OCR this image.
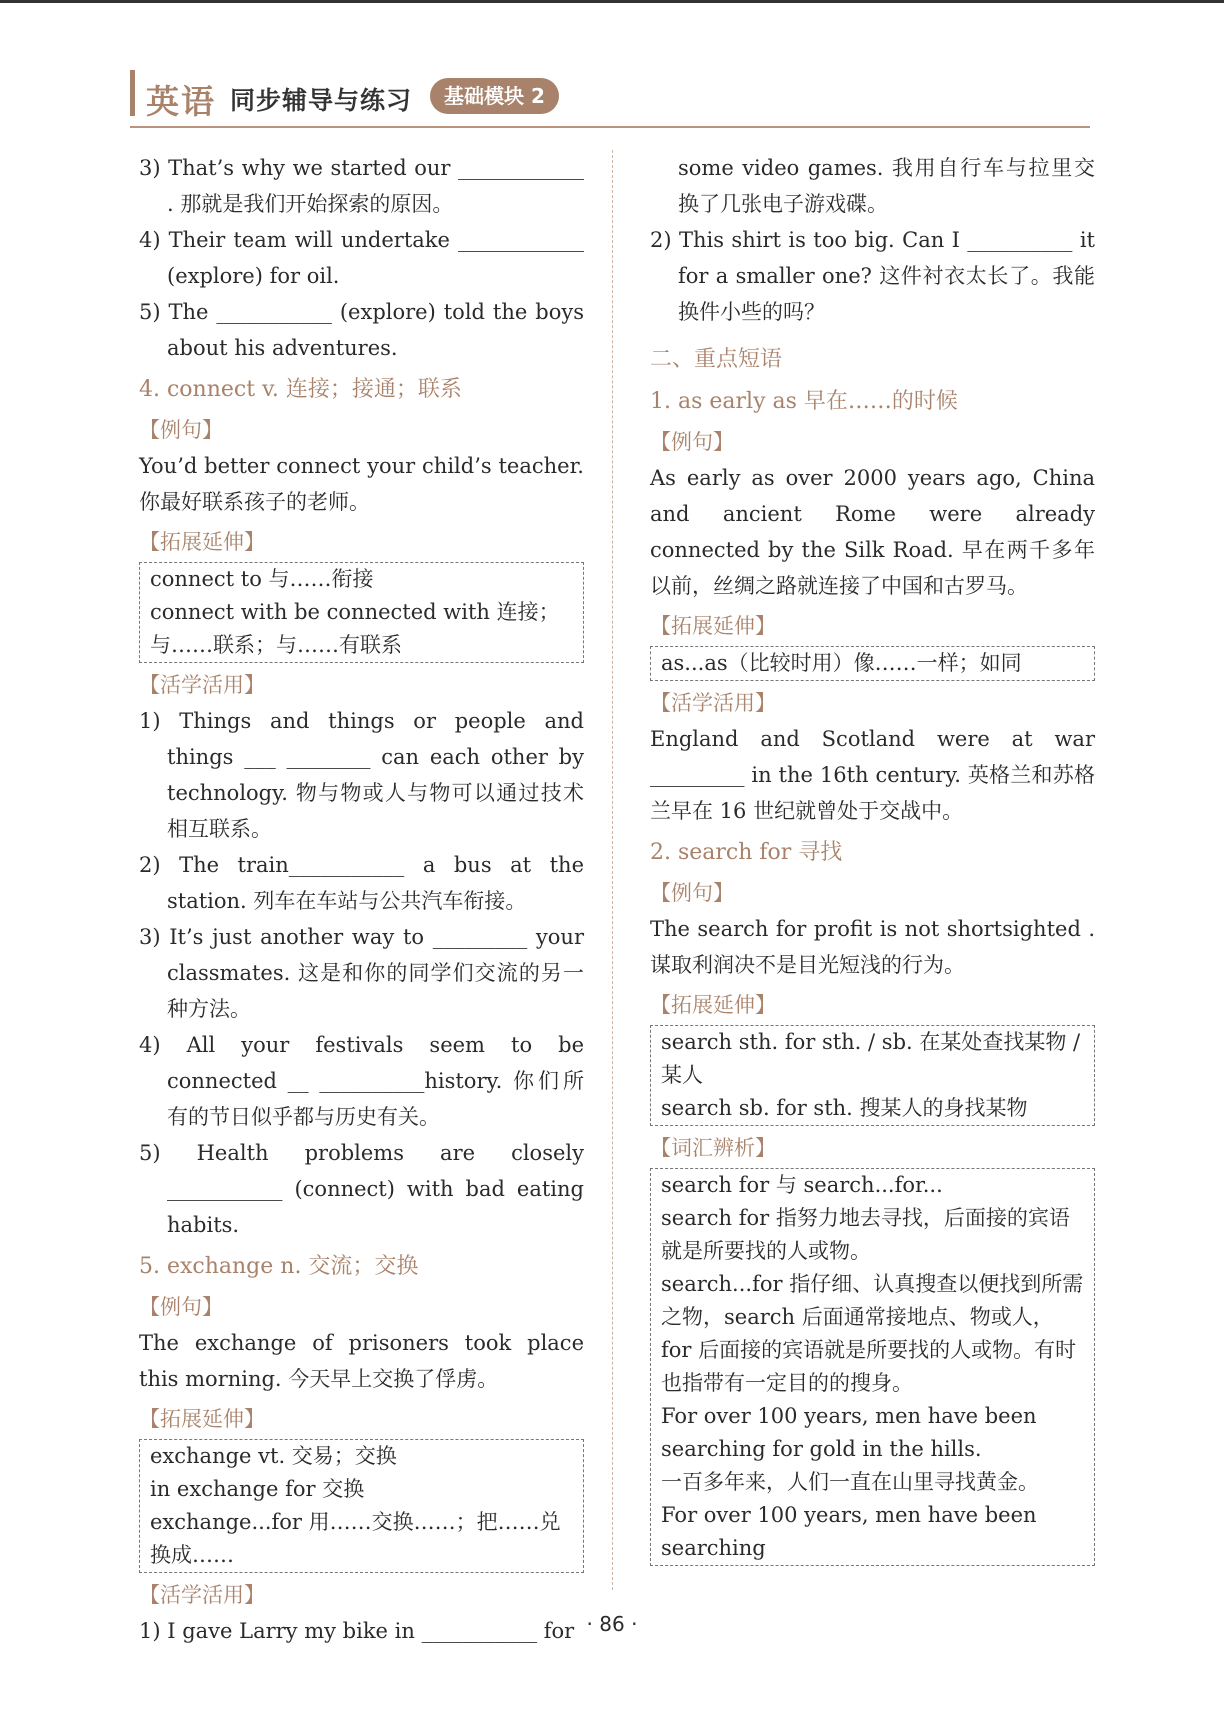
英语 同步辅导与练习	基础模块 2

3) That’s why we started our ____________ . 那就是我们开始探索的原因。

4) Their team will undertake ____________ (explore) for oil.

5) The ___________ (explore) told the boys about his adventures.

4. connect v. 连接；接通；联系

【例句】

You’d better connect your child’s teacher. 你最好联系孩子的老师。

【拓展延伸】

connect to 与……衔接
connect with be connected with 连接；与……联系；与……有联系

【活学活用】

1) Things and things or people and things ___ ________ can each other by technology. 物与物或人与物可以通过技术相互联系。

2) The train___________ a bus at the station. 列车在车站与公共汽车衔接。

3) It’s just another way to _________ your classmates. 这是和你的同学们交流的另一种方法。

4) All your festivals seem to be connected __ __________history. 你们所有的节日似乎都与历史有关。

5) Health problems are closely ___________ (connect) with bad eating habits.

5. exchange n. 交流；交换

【例句】

The exchange of prisoners took place this morning. 今天早上交换了俘虏。

【拓展延伸】

exchange vt. 交易；交换
in exchange for 交换
exchange...for 用……交换……；把……兑换成……

【活学活用】

1) I gave Larry my bike in ___________ for

some video games. 我用自行车与拉里交换了几张电子游戏碟。

2) This shirt is too big. Can I __________ it for a smaller one? 这件衬衣太长了。我能换件小些的吗？

二、重点短语

1. as early as 早在……的时候

【例句】

As early as over 2000 years ago, China and ancient Rome were already connected by the Silk Road. 早在两千多年以前，丝绸之路就连接了中国和古罗马。

【拓展延伸】

as...as（比较时用）像……一样；如同

【活学活用】

England and Scotland were at war _________ in the 16th century. 英格兰和苏格兰早在 16 世纪就曾处于交战中。

2. search for 寻找

【例句】

The search for profit is not shortsighted . 谋取利润决不是目光短浅的行为。

【拓展延伸】

search sth. for sth. / sb. 在某处查找某物 / 某人
search sb. for sth. 搜某人的身找某物

【词汇辨析】

search for 与 search...for...
search for 指努力地去寻找，后面接的宾语就是所要找的人或物。
search...for 指仔细、认真搜查以便找到所需之物，search 后面通常接地点、物或人，for 后面接的宾语就是所要找的人或物。有时也指带有一定目的的搜身。
For over 100 years, men have been searching for gold in the hills.
一百多年来，人们一直在山里寻找黄金。
For over 100 years, men have been searching
· 86 ·
